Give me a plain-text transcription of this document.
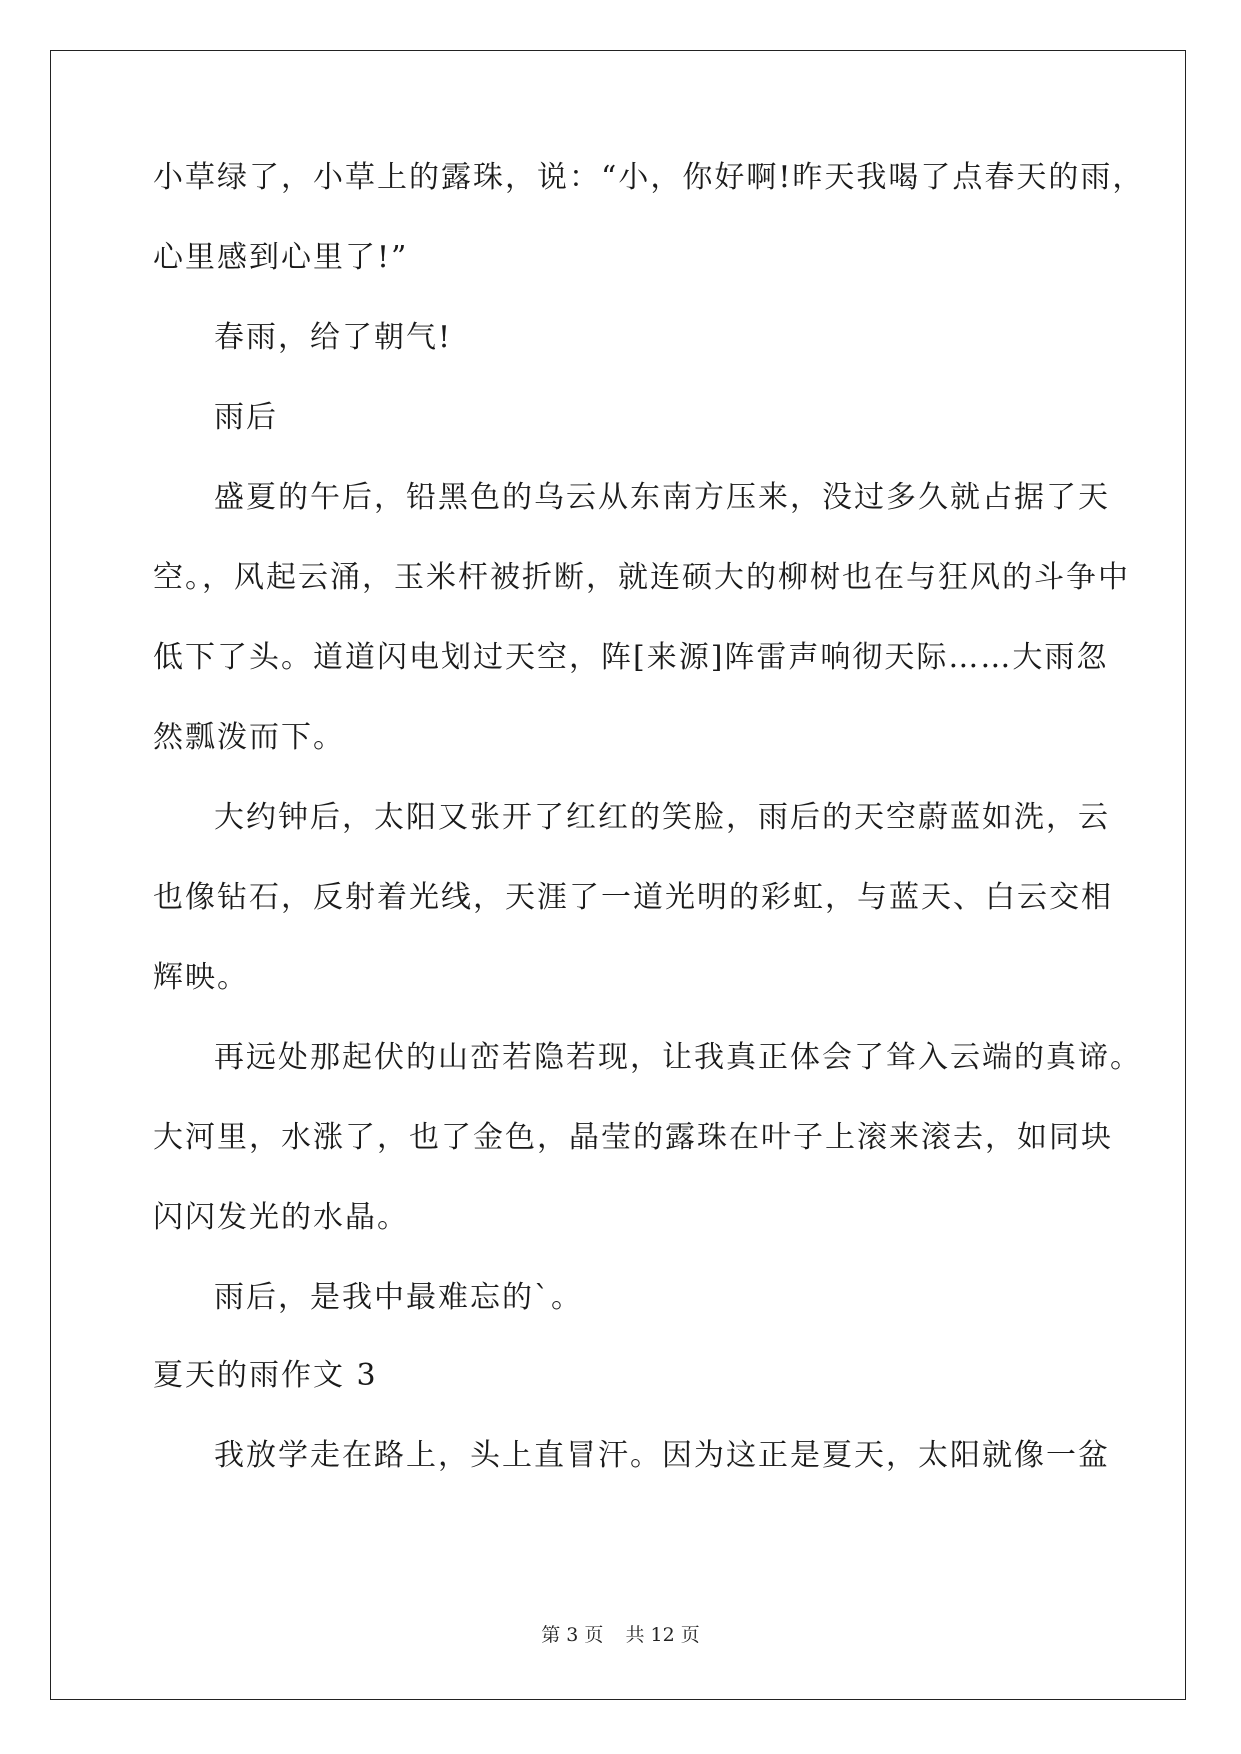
小草绿了，小草上的露珠，说：“小，你好啊!昨天我喝了点春天的雨，
心里感到心里了!”
春雨，给了朝气!
雨后
盛夏的午后，铅黑色的乌云从东南方压来，没过多久就占据了天
空。，风起云涌，玉米杆被折断，就连硕大的柳树也在与狂风的斗争中
低下了头。道道闪电划过天空，阵[来源]阵雷声响彻天际……大雨忽
然瓢泼而下。
大约钟后，太阳又张开了红红的笑脸，雨后的天空蔚蓝如洗，云
也像钻石，反射着光线，天涯了一道光明的彩虹，与蓝天、白云交相
辉映。
再远处那起伏的山峦若隐若现，让我真正体会了耸入云端的真谛。
大河里，水涨了，也了金色，晶莹的露珠在叶子上滚来滚去，如同块
闪闪发光的水晶。
雨后，是我中最难忘的`。
夏天的雨作文 3
我放学走在路上，头上直冒汗。因为这正是夏天，太阳就像一盆
第 3 页 共 12 页
